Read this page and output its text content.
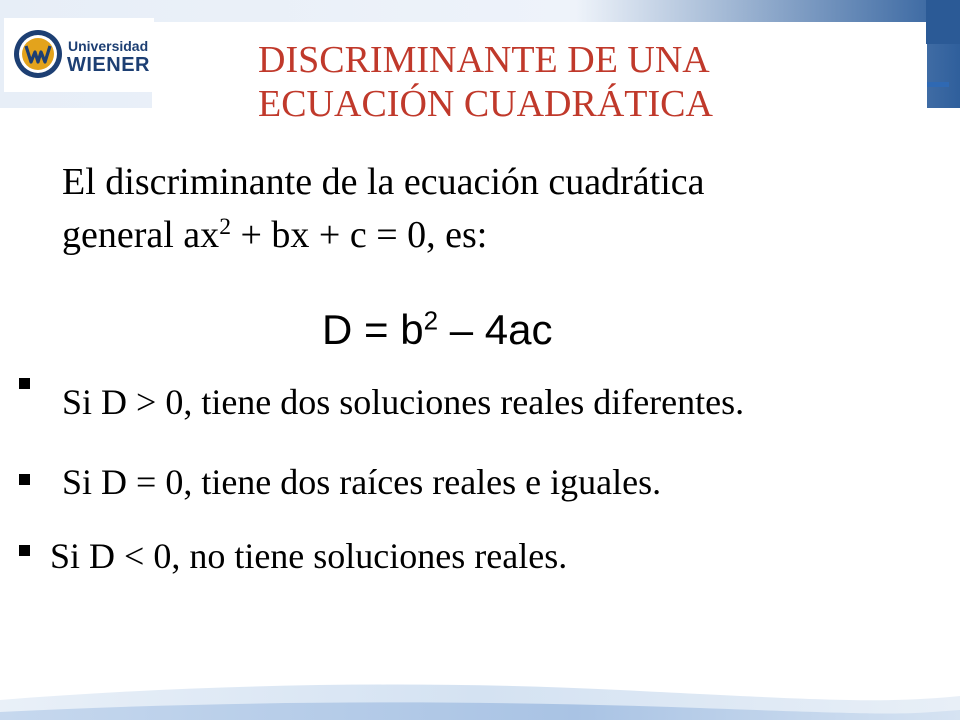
Universidad
WIENER	DISCRIMINANTE DE UNA
ECUACIÓN CUADRÁTICA
El discriminante de la ecuación cuadrática
general $ax^2$ + bx + c = 0, es:
$D = b^2 - 4ac$
Si D > 0, tiene dos soluciones reales diferentes.
Si D = 0, tiene dos raíces reales e iguales.
Si D < 0, no tiene soluciones reales.
